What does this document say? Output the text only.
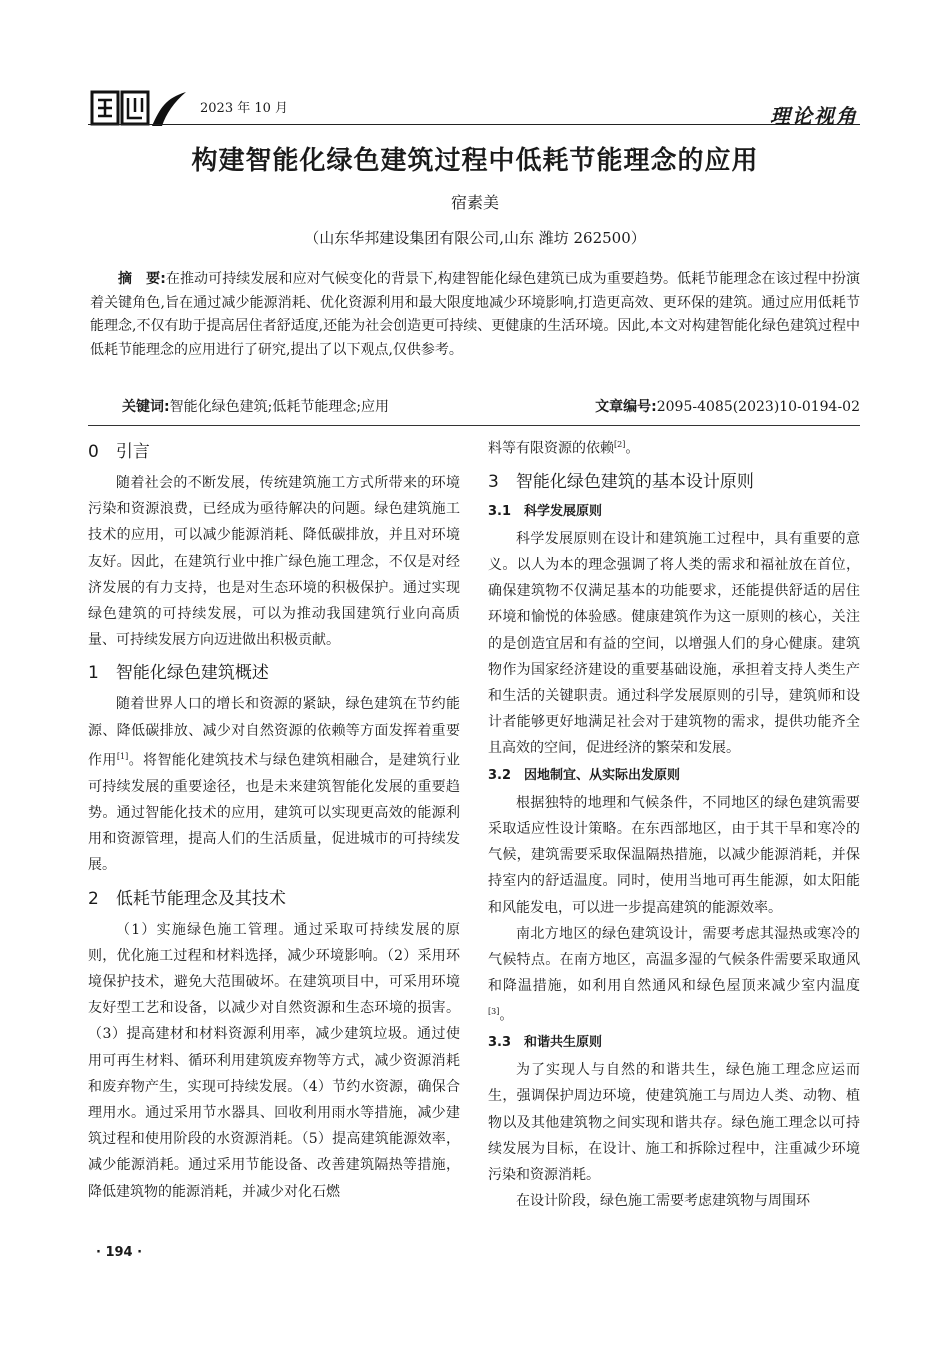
2023 年 10 月	理论视角
构建智能化绿色建筑过程中低耗节能理念的应用
宿素美
（山东华邦建设集团有限公司,山东 潍坊 262500）
摘　要:在推动可持续发展和应对气候变化的背景下,构建智能化绿色建筑已成为重要趋势。低耗节能理念在该过程中扮演着关键角色,旨在通过减少能源消耗、优化资源利用和最大限度地减少环境影响,打造更高效、更环保的建筑。通过应用低耗节能理念,不仅有助于提高居住者舒适度,还能为社会创造更可持续、更健康的生活环境。因此,本文对构建智能化绿色建筑过程中低耗节能理念的应用进行了研究,提出了以下观点,仅供参考。
关键词:智能化绿色建筑;低耗节能理念;应用	文章编号:2095-4085(2023)10-0194-02
0　引言

随着社会的不断发展，传统建筑施工方式所带来的环境污染和资源浪费，已经成为亟待解决的问题。绿色建筑施工技术的应用，可以减少能源消耗、降低碳排放，并且对环境友好。因此，在建筑行业中推广绿色施工理念，不仅是对经济发展的有力支持，也是对生态环境的积极保护。通过实现绿色建筑的可持续发展，可以为推动我国建筑行业向高质量、可持续发展方向迈进做出积极贡献。

1　智能化绿色建筑概述

随着世界人口的增长和资源的紧缺，绿色建筑在节约能源、降低碳排放、减少对自然资源的依赖等方面发挥着重要作用[1]。将智能化建筑技术与绿色建筑相融合，是建筑行业可持续发展的重要途径，也是未来建筑智能化发展的重要趋势。通过智能化技术的应用，建筑可以实现更高效的能源利用和资源管理，提高人们的生活质量，促进城市的可持续发展。

2　低耗节能理念及其技术

（1）实施绿色施工管理。通过采取可持续发展的原则，优化施工过程和材料选择，减少环境影响。（2）采用环境保护技术，避免大范围破坏。在建筑项目中，可采用环境友好型工艺和设备，以减少对自然资源和生态环境的损害。（3）提高建材和材料资源利用率，减少建筑垃圾。通过使用可再生材料、循环利用建筑废弃物等方式，减少资源消耗和废弃物产生，实现可持续发展。（4）节约水资源，确保合理用水。通过采用节水器具、回收利用雨水等措施，减少建筑过程和使用阶段的水资源消耗。（5）提高建筑能源效率，减少能源消耗。通过采用节能设备、改善建筑隔热等措施，降低建筑物的能源消耗，并减少对化石燃

料等有限资源的依赖[2]。

3　智能化绿色建筑的基本设计原则
3.1　科学发展原则

科学发展原则在设计和建筑施工过程中，具有重要的意义。以人为本的理念强调了将人类的需求和福祉放在首位，确保建筑物不仅满足基本的功能要求，还能提供舒适的居住环境和愉悦的体验感。健康建筑作为这一原则的核心，关注的是创造宜居和有益的空间，以增强人们的身心健康。建筑物作为国家经济建设的重要基础设施，承担着支持人类生产和生活的关键职责。通过科学发展原则的引导，建筑师和设计者能够更好地满足社会对于建筑物的需求，提供功能齐全且高效的空间，促进经济的繁荣和发展。

3.2　因地制宜、从实际出发原则

根据独特的地理和气候条件，不同地区的绿色建筑需要采取适应性设计策略。在东西部地区，由于其干旱和寒冷的气候，建筑需要采取保温隔热措施，以减少能源消耗，并保持室内的舒适温度。同时，使用当地可再生能源，如太阳能和风能发电，可以进一步提高建筑的能源效率。

南北方地区的绿色建筑设计，需要考虑其湿热或寒冷的气候特点。在南方地区，高温多湿的气候条件需要采取通风和降温措施，如利用自然通风和绿色屋顶来减少室内温度[3]。

3.3　和谐共生原则

为了实现人与自然的和谐共生，绿色施工理念应运而生，强调保护周边环境，使建筑施工与周边人类、动物、植物以及其他建筑物之间实现和谐共存。绿色施工理念以可持续发展为目标，在设计、施工和拆除过程中，注重减少环境污染和资源消耗。

在设计阶段，绿色施工需要考虑建筑物与周围环

· 194 ·
